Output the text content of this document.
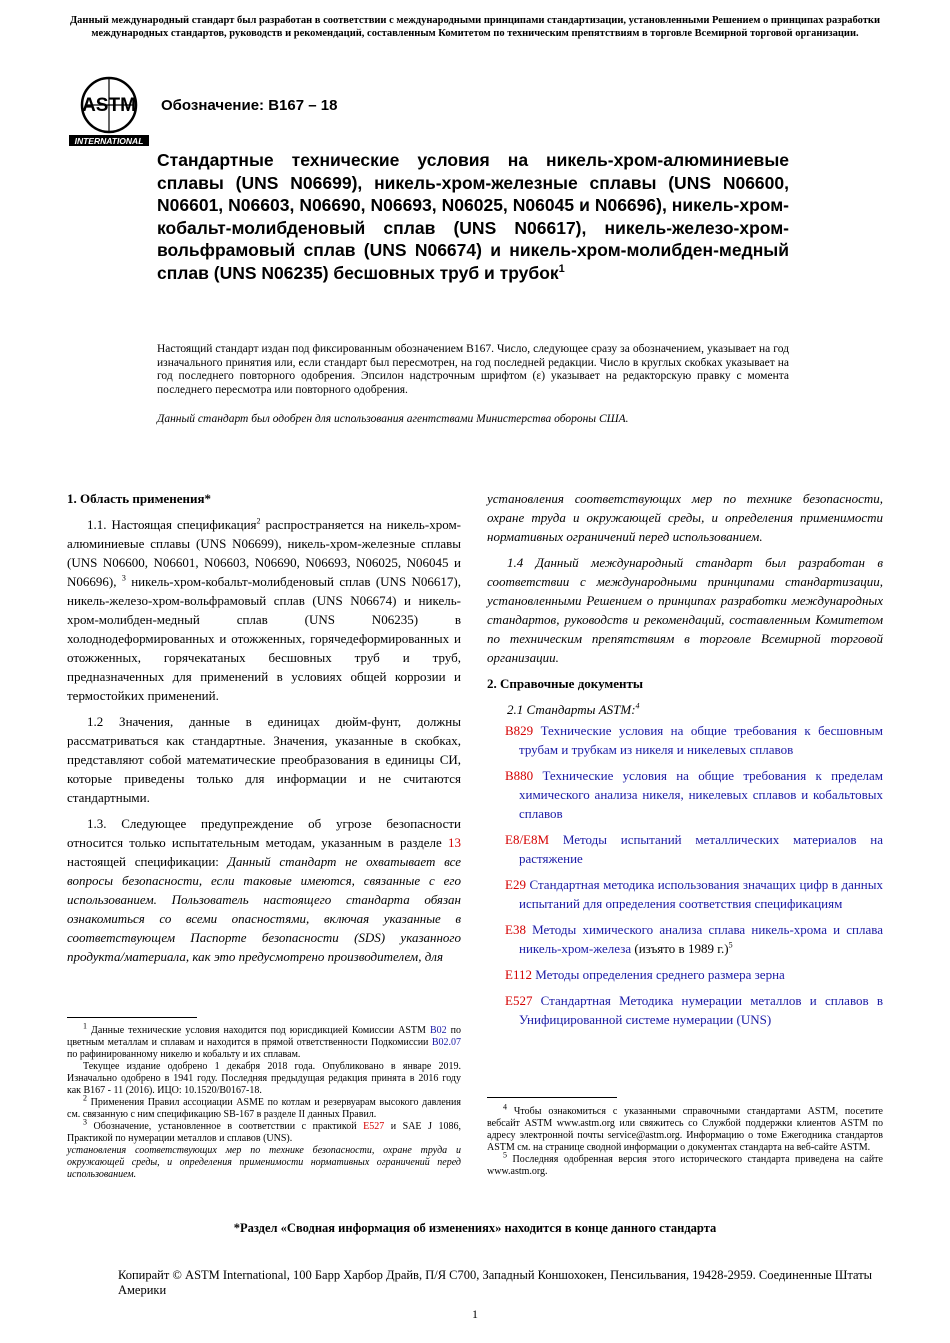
Данный международный стандарт был разработан в соответствии с международными принципами стандартизации, установленными Решением о принципах разработки международных стандартов, руководств и рекомендаций, составленным Комитетом по техническим препятствиям в торговле Всемирной торговой организации.
ASTM
INTERNATIONAL
Обозначение: B167 – 18
Стандартные технические условия на никель-хром-алюминиевые сплавы (UNS N06699), никель-хром-железные сплавы (UNS N06600, N06601, N06603, N06690, N06693, N06025, N06045 и N06696), никель-хром-кобальт-молибденовый сплав (UNS N06617), никель-железо-хром-вольфрамовый сплав (UNS N06674) и никель-хром-молибден-медный сплав (UNS N06235) бесшовных труб и трубок$^1$
Настоящий стандарт издан под фиксированным обозначением B167. Число, следующее сразу за обозначением, указывает на год изначального принятия или, если стандарт был пересмотрен, на год последней редакции. Число в круглых скобках указывает на год последнего повторного одобрения. Эпсилон надстрочным шрифтом (ε) указывает на редакторскую правку с момента последнего пересмотра или повторного одобрения.
Данный стандарт был одобрен для использования агентствами Министерства обороны США.

1. Область применения*

1.1. Настоящая спецификация$^2$ распространяется на никель-хром-алюминиевые сплавы (UNS N06699), никель-хром-железные сплавы (UNS N06600, N06601, N06603, N06690, N06693, N06025, N06045 и N06696), $^3$ никель-хром-кобальт-молибденовый сплав (UNS N06617), никель-железо-хром-вольфрамовый сплав (UNS N06674) и никель-хром-молибден-медный сплав (UNS N06235) в холоднодеформированных и отожженных, горячедеформированных и отожженных, горячекатаных бесшовных труб и труб, предназначенных для применений в условиях общей коррозии и термостойких применений.

1.2 Значения, данные в единицах дюйм-фунт, должны рассматриваться как стандартные. Значения, указанные в скобках, представляют собой математические преобразования в единицы СИ, которые приведены только для информации и не считаются стандартными.

1.3. Следующее предупреждение об угрозе безопасности относится только испытательным методам, указанным в разделе 13 настоящей спецификации: Данный стандарт не охватывает все вопросы безопасности, если таковые имеются, связанные с его использованием. Пользователь настоящего стандарта обязан ознакомиться со всеми опасностями, включая указанные в соответствующем Паспорте безопасности (SDS) указанного продукта/материала, как это предусмотрено производителем, для

$^1$ Данные технические условия находится под юрисдикцией Комиссии ASTM B02 по цветным металлам и сплавам и находится в прямой ответственности Подкомиссии B02.07 по рафинированному никелю и кобальту и их сплавам.

Текущее издание одобрено 1 декабря 2018 года. Опубликовано в январе 2019. Изначально одобрено в 1941 году. Последняя предыдущая редакция принята в 2016 году как B167 - 11 (2016). ИЦО: 10.1520/B0167-18.

$^2$ Применения Правил ассоциации ASME по котлам и резервуарам высокого давления см. связанную с ним спецификацию SB-167 в разделе II данных Правил.

$^3$ Обозначение, установленное в соответствии с практикой E527 и SAE J 1086, Практикой по нумерации металлов и сплавов (UNS).

установления соответствующих мер по технике безопасности, охране труда и окружающей среды, и определения применимости нормативных ограничений перед использованием.

установления соответствующих мер по технике безопасности, охране труда и окружающей среды, и определения применимости нормативных ограничений перед использованием.

1.4 Данный международный стандарт был разработан в соответствии с международными принципами стандартизации, установленными Решением о принципах разработки международных стандартов, руководств и рекомендаций, составленным Комитетом по техническим препятствиям в торговле Всемирной торговой организации.

2. Справочные документы

2.1 Стандарты ASTM:$^4$

B829 Технические условия на общие требования к бесшовным трубам и трубкам из никеля и никелевых сплавов

B880 Технические условия на общие требования к пределам химического анализа никеля, никелевых сплавов и кобальтовых сплавов

E8/E8M Методы испытаний металлических материалов на растяжение

E29 Стандартная методика использования значащих цифр в данных испытаний для определения соответствия спецификациям

E38 Методы химического анализа сплава никель-хрома и сплава никель-хром-железа (изъято в 1989 г.)$^5$

E112 Методы определения среднего размера зерна

E527 Стандартная Методика нумерации металлов и сплавов в Унифицированной системе нумерации (UNS)

$^4$ Чтобы ознакомиться с указанными справочными стандартами ASTM, посетите вебсайт ASTM www.astm.org или свяжитесь со Службой поддержки клиентов ASTM по адресу электронной почты service@astm.org. Информацию о томе Ежегодника стандартов ASTM см. на странице сводной информации о документах стандарта на веб-сайте ASTM.

$^5$ Последняя одобренная версия этого исторического стандарта приведена на сайте www.astm.org.

*Раздел «Сводная информация об изменениях» находится в конце данного стандарта
Копирайт © ASTM International, 100 Барр Харбор Драйв, П/Я C700, Западный Коншохокен, Пенсильвания, 19428-2959. Соединенные Штаты Америки
1
